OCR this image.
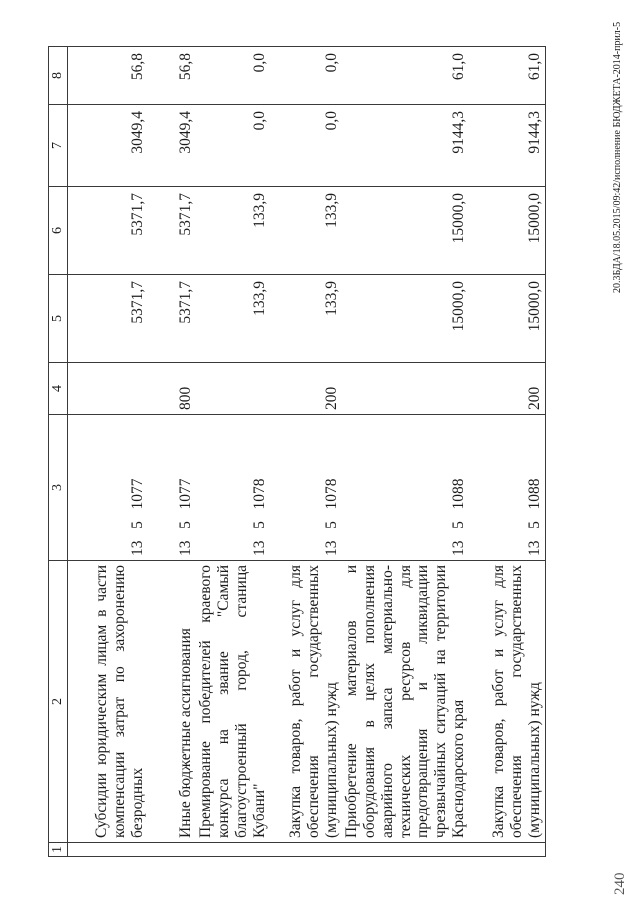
1	2	3	4	5	6	7	8

	Субсидии юридическим лицам в части компенсации затрат по захоронению безродных	13   5   1077		5371,7	5371,7	3049,4	56,8

	Иные бюджетные ассигнования	13   5   1077	800	5371,7	5371,7	3049,4	56,8

	Премирование победителей краевого конкурса на звание "Самый благоустроенный город, станица Кубани"	13   5   1078		133,9	133,9	0,0	0,0

	Закупка товаров, работ и услуг для обеспечения государственных (муниципальных) нужд	13   5   1078	200	133,9	133,9	0,0	0,0

	Приобретение материалов и оборудования в целях пополнения аварийного запаса материально-технических ресурсов для предотвращения и ликвидации чрезвычайных ситуаций на территории Краснодарского края	13   5   1088		15000,0	15000,0	9144,3	61,0

	Закупка товаров, работ и услуг для обеспечения государственных (муниципальных) нужд	13   5   1088	200	15000,0	15000,0	9144,3	61,0	20.3БДА/18.05.2015/09:42/исполнение БЮДЖЕТА-2014-прил-5
240
